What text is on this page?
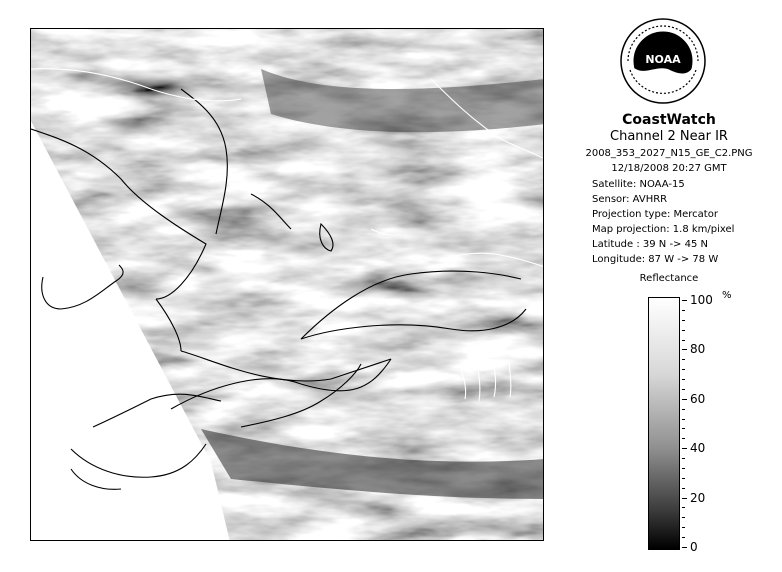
NOAA
CoastWatch
Channel 2 Near IR
2008_353_2027_N15_GE_C2.PNG
12/18/2008 20:27 GMT
Satellite: NOAA-15
Sensor: AVHRR
Projection type: Mercator
Map projection: 1.8 km/pixel
Latitude : 39 N -> 45 N
Longitude: 87 W -> 78 W
Reflectance
%
100
80
60
40
20
0
